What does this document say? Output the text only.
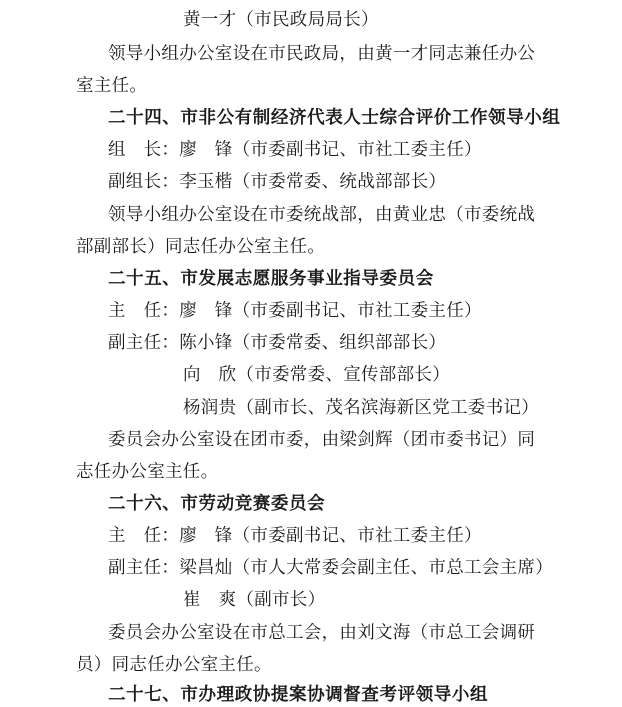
黄一才（市民政局局长）
领导小组办公室设在市民政局，由黄一才同志兼任办公
室主任。
二十四、市非公有制经济代表人士综合评价工作领导小组
组　长：廖　锋（市委副书记、市社工委主任）
副组长：李玉楷（市委常委、统战部部长）
领导小组办公室设在市委统战部，由黄业忠（市委统战
部副部长）同志任办公室主任。
二十五、市发展志愿服务事业指导委员会
主　任：廖　锋（市委副书记、市社工委主任）
副主任：陈小锋（市委常委、组织部部长）
向　欣（市委常委、宣传部部长）
杨润贵（副市长、茂名滨海新区党工委书记）
委员会办公室设在团市委，由梁剑辉（团市委书记）同
志任办公室主任。
二十六、市劳动竞赛委员会
主　任：廖　锋（市委副书记、市社工委主任）
副主任：梁昌灿（市人大常委会副主任、市总工会主席）
崔　爽（副市长）
委员会办公室设在市总工会，由刘文海（市总工会调研
员）同志任办公室主任。
二十七、市办理政协提案协调督查考评领导小组
